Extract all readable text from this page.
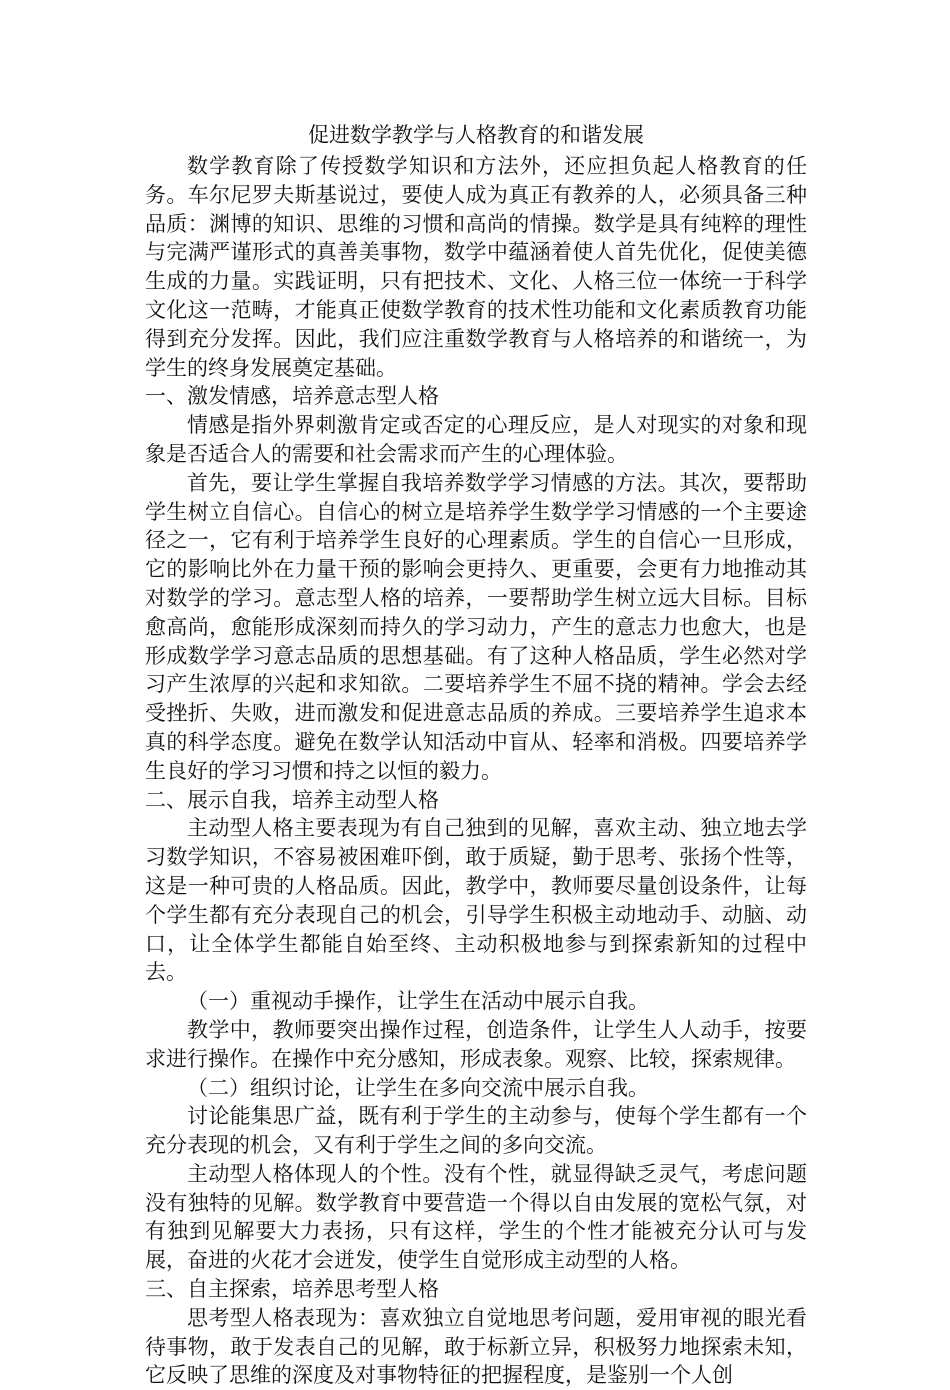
促进数学教学与人格教育的和谐发展

数学教育除了传授数学知识和方法外，还应担负起人格教育的任务。车尔尼罗夫斯基说过，要使人成为真正有教养的人，必须具备三种品质：渊博的知识、思维的习惯和高尚的情操。数学是具有纯粹的理性与完满严谨形式的真善美事物，数学中蕴涵着使人首先优化，促使美德生成的力量。实践证明，只有把技术、文化、人格三位一体统一于科学文化这一范畴，才能真正使数学教育的技术性功能和文化素质教育功能得到充分发挥。因此，我们应注重数学教育与人格培养的和谐统一，为学生的终身发展奠定基础。

一、激发情感，培养意志型人格

情感是指外界刺激肯定或否定的心理反应，是人对现实的对象和现象是否适合人的需要和社会需求而产生的心理体验。

首先，要让学生掌握自我培养数学学习情感的方法。其次，要帮助学生树立自信心。自信心的树立是培养学生数学学习情感的一个主要途径之一，它有利于培养学生良好的心理素质。学生的自信心一旦形成，它的影响比外在力量干预的影响会更持久、更重要，会更有力地推动其对数学的学习。意志型人格的培养，一要帮助学生树立远大目标。目标愈高尚，愈能形成深刻而持久的学习动力，产生的意志力也愈大，也是形成数学学习意志品质的思想基础。有了这种人格品质，学生必然对学习产生浓厚的兴起和求知欲。二要培养学生不屈不挠的精神。学会去经受挫折、失败，进而激发和促进意志品质的养成。三要培养学生追求本真的科学态度。避免在数学认知活动中盲从、轻率和消极。四要培养学生良好的学习习惯和持之以恒的毅力。

二、展示自我，培养主动型人格

主动型人格主要表现为有自己独到的见解，喜欢主动、独立地去学习数学知识，不容易被困难吓倒，敢于质疑，勤于思考、张扬个性等，这是一种可贵的人格品质。因此，教学中，教师要尽量创设条件，让每个学生都有充分表现自己的机会，引导学生积极主动地动手、动脑、动口，让全体学生都能自始至终、主动积极地参与到探索新知的过程中去。

（一）重视动手操作，让学生在活动中展示自我。

教学中，教师要突出操作过程，创造条件，让学生人人动手，按要求进行操作。在操作中充分感知，形成表象。观察、比较，探索规律。

（二）组织讨论，让学生在多向交流中展示自我。

讨论能集思广益，既有利于学生的主动参与，使每个学生都有一个充分表现的机会，又有利于学生之间的多向交流。

主动型人格体现人的个性。没有个性，就显得缺乏灵气，考虑问题没有独特的见解。数学教育中要营造一个得以自由发展的宽松气氛，对有独到见解要大力表扬，只有这样，学生的个性才能被充分认可与发展，奋进的火花才会迸发，使学生自觉形成主动型的人格。

三、自主探索，培养思考型人格

思考型人格表现为：喜欢独立自觉地思考问题，爱用审视的眼光看待事物，敢于发表自己的见解，敢于标新立异，积极努力地探索未知，它反映了思维的深度及对事物特征的把握程度，是鉴别一个人创
